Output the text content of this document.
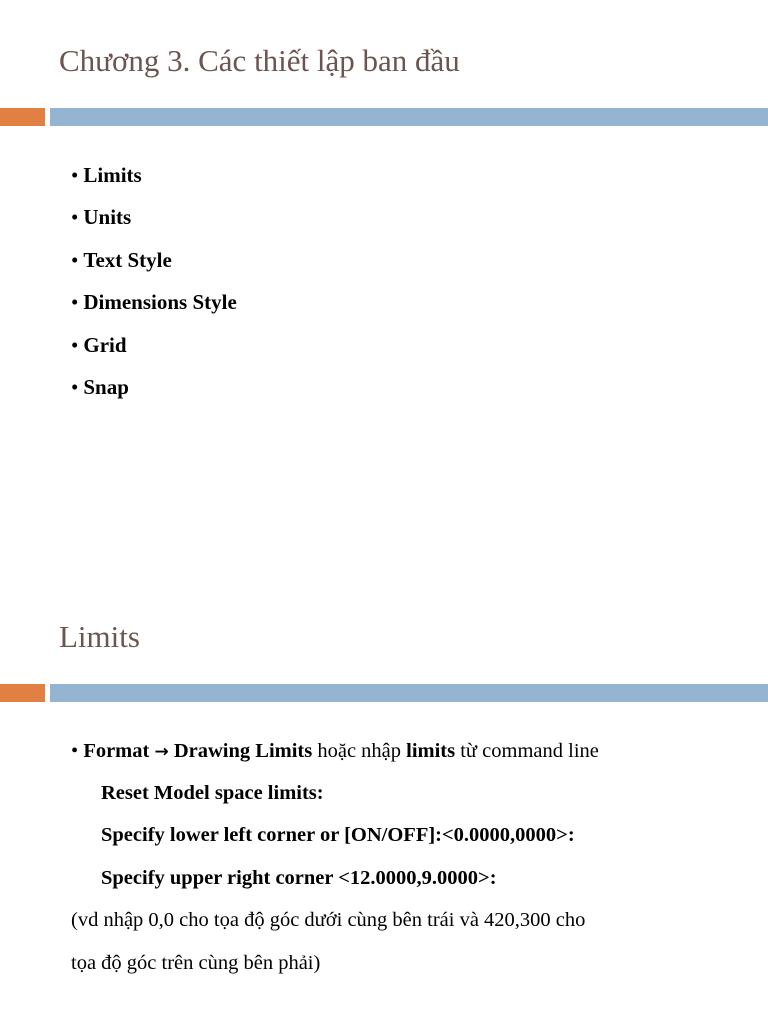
Chương 3. Các thiết lập ban đầu
• Limits
• Units
• Text Style
• Dimensions Style
• Grid
• Snap
Limits
• Format → Drawing Limits hoặc nhập limits từ command line
Reset Model space limits:
Specify lower left corner or [ON/OFF]:<0.0000,0000>:
Specify upper right corner <12.0000,9.0000>:
(vd nhập 0,0 cho tọa độ góc dưới cùng bên trái và 420,300 cho
tọa độ góc trên cùng bên phải)
